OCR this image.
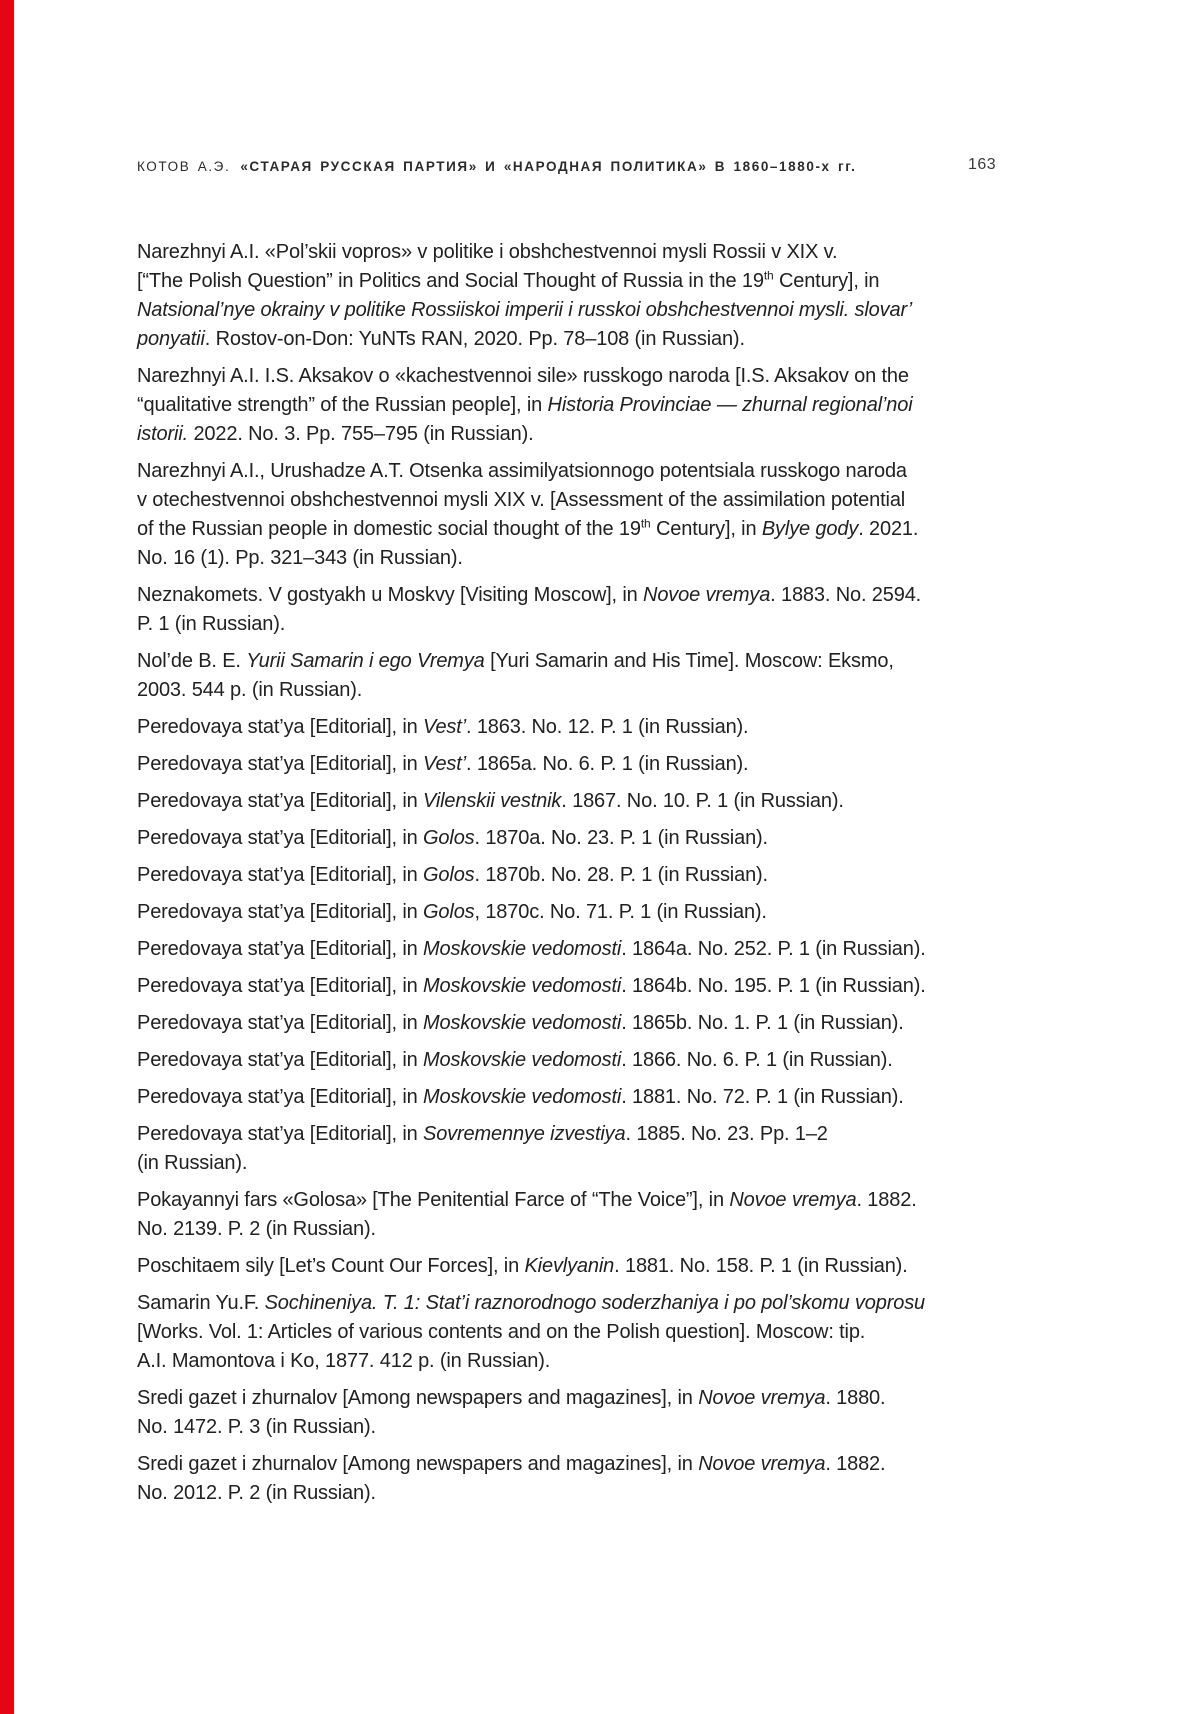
КОТОВ А.Э. «СТАРАЯ РУССКАЯ ПАРТИЯ» И «НАРОДНАЯ ПОЛИТИКА» В 1860–1880-х гг.	163

Narezhnyi A.I. «Pol’skii vopros» v politike i obshchestvennoi mysli Rossii v XIX v.
[“The Polish Question” in Politics and Social Thought of Russia in the 19th Century], in
Natsional’nye okrainy v politike Rossiiskoi imperii i russkoi obshchestvennoi mysli. slovar’
ponyatii. Rostov-on-Don: YuNTs RAN, 2020. Pp. 78–108 (in Russian).

Narezhnyi A.I. I.S. Aksakov o «kachestvennoi sile» russkogo naroda [I.S. Aksakov on the
“qualitative strength” of the Russian people], in Historia Provinciae — zhurnal regional’noi
istorii. 2022. No. 3. Pp. 755–795 (in Russian).

Narezhnyi A.I., Urushadze A.T. Otsenka assimilyatsionnogo potentsiala russkogo naroda
v otechestvennoi obshchestvennoi mysli XIX v. [Assessment of the assimilation potential
of the Russian people in domestic social thought of the 19th Century], in Bylye gody. 2021.
No. 16 (1). Pp. 321–343 (in Russian).

Neznakomets. V gostyakh u Moskvy [Visiting Moscow], in Novoe vremya. 1883. No. 2594.
P. 1 (in Russian).

Nol’de B. E. Yurii Samarin i ego Vremya [Yuri Samarin and His Time]. Moscow: Eksmo,
2003. 544 p. (in Russian).

Peredovaya stat’ya [Editorial], in Vest’. 1863. No. 12. P. 1 (in Russian).

Peredovaya stat’ya [Editorial], in Vest’. 1865a. No. 6. P. 1 (in Russian).

Peredovaya stat’ya [Editorial], in Vilenskii vestnik. 1867. No. 10. P. 1 (in Russian).

Peredovaya stat’ya [Editorial], in Golos. 1870a. No. 23. P. 1 (in Russian).

Peredovaya stat’ya [Editorial], in Golos. 1870b. No. 28. P. 1 (in Russian).

Peredovaya stat’ya [Editorial], in Golos, 1870c. No. 71. P. 1 (in Russian).

Peredovaya stat’ya [Editorial], in Moskovskie vedomosti. 1864a. No. 252. P. 1 (in Russian).

Peredovaya stat’ya [Editorial], in Moskovskie vedomosti. 1864b. No. 195. P. 1 (in Russian).

Peredovaya stat’ya [Editorial], in Moskovskie vedomosti. 1865b. No. 1. P. 1 (in Russian).

Peredovaya stat’ya [Editorial], in Moskovskie vedomosti. 1866. No. 6. P. 1 (in Russian).

Peredovaya stat’ya [Editorial], in Moskovskie vedomosti. 1881. No. 72. P. 1 (in Russian).

Peredovaya stat’ya [Editorial], in Sovremennye izvestiya. 1885. No. 23. Pp. 1–2
(in Russian).

Pokayannyi fars «Golosa» [The Penitential Farce of “The Voice”], in Novoe vremya. 1882.
No. 2139. P. 2 (in Russian).

Poschitaem sily [Let’s Count Our Forces], in Kievlyanin. 1881. No. 158. P. 1 (in Russian).

Samarin Yu.F. Sochineniya. T. 1: Stat’i raznorodnogo soderzhaniya i po pol’skomu voprosu
[Works. Vol. 1: Articles of various contents and on the Polish question]. Moscow: tip.
A.I. Mamontova i Ko, 1877. 412 p. (in Russian).

Sredi gazet i zhurnalov [Among newspapers and magazines], in Novoe vremya. 1880.
No. 1472. P. 3 (in Russian).

Sredi gazet i zhurnalov [Among newspapers and magazines], in Novoe vremya. 1882.
No. 2012. P. 2 (in Russian).
